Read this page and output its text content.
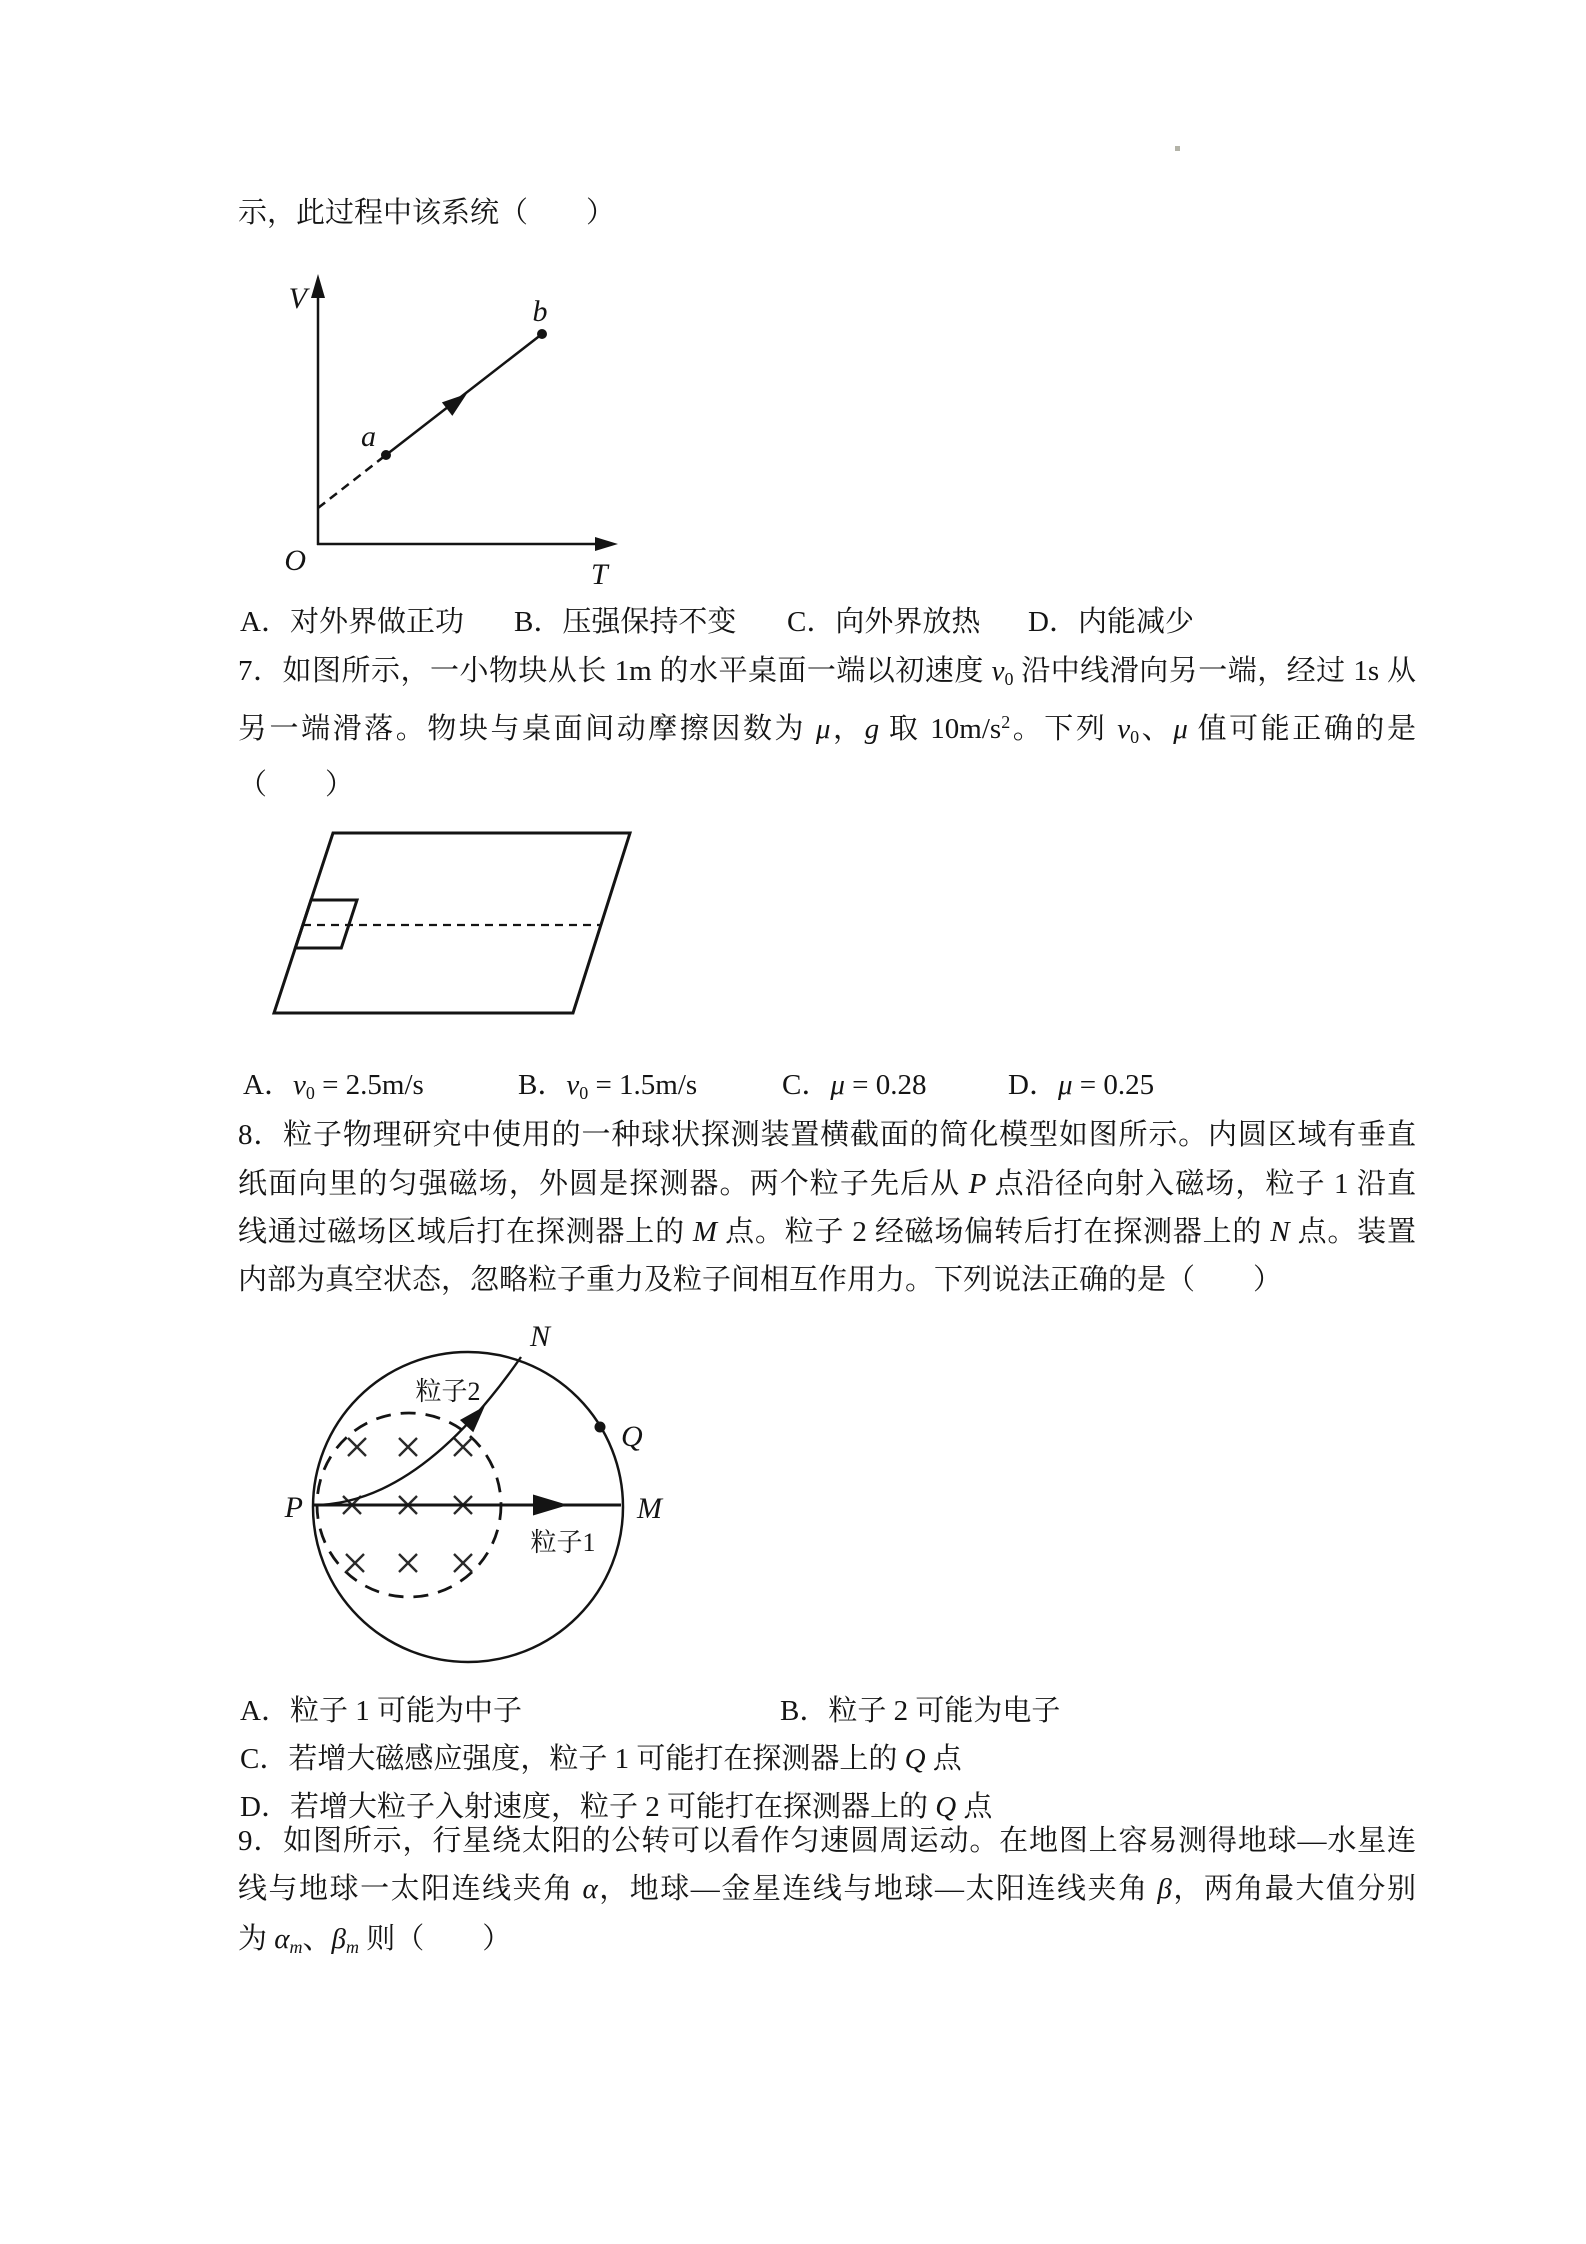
示，此过程中该系统（　　）
V
T
O
a
b
A．对外界做正功 B．压强保持不变 C．向外界放热 D．内能减少
7．如图所示，一小物块从长 1m 的水平桌面一端以初速度 $v_0$ 沿中线滑向另一端，经过 1s 从
另一端滑落。物块与桌面间动摩擦因数为 μ，g 取 $10m/s^2$。下列 $v_0$、μ 值可能正确的是
（　　）
A．$v_0 = 2.5m/s$	B．$v_0 = 1.5m/s$	C．μ = 0.28	D．μ = 0.25
8．粒子物理研究中使用的一种球状探测装置横截面的简化模型如图所示。内圆区域有垂直
纸面向里的匀强磁场，外圆是探测器。两个粒子先后从 P 点沿径向射入磁场，粒子 1 沿直
线通过磁场区域后打在探测器上的 M 点。粒子 2 经磁场偏转后打在探测器上的 N 点。装置
内部为真空状态，忽略粒子重力及粒子间相互作用力。下列说法正确的是（　　）
N
Q
P	M
粒子2
粒子1
A．粒子 1 可能为中子	B．粒子 2 可能为电子
C．若增大磁感应强度，粒子 1 可能打在探测器上的 Q 点
D．若增大粒子入射速度，粒子 2 可能打在探测器上的 Q 点
9．如图所示，行星绕太阳的公转可以看作匀速圆周运动。在地图上容易测得地球—水星连
线与地球一太阳连线夹角 α，地球—金星连线与地球—太阳连线夹角 β，两角最大值分别
为 $\alpha_m$、$\beta_m$ 则（　　）
